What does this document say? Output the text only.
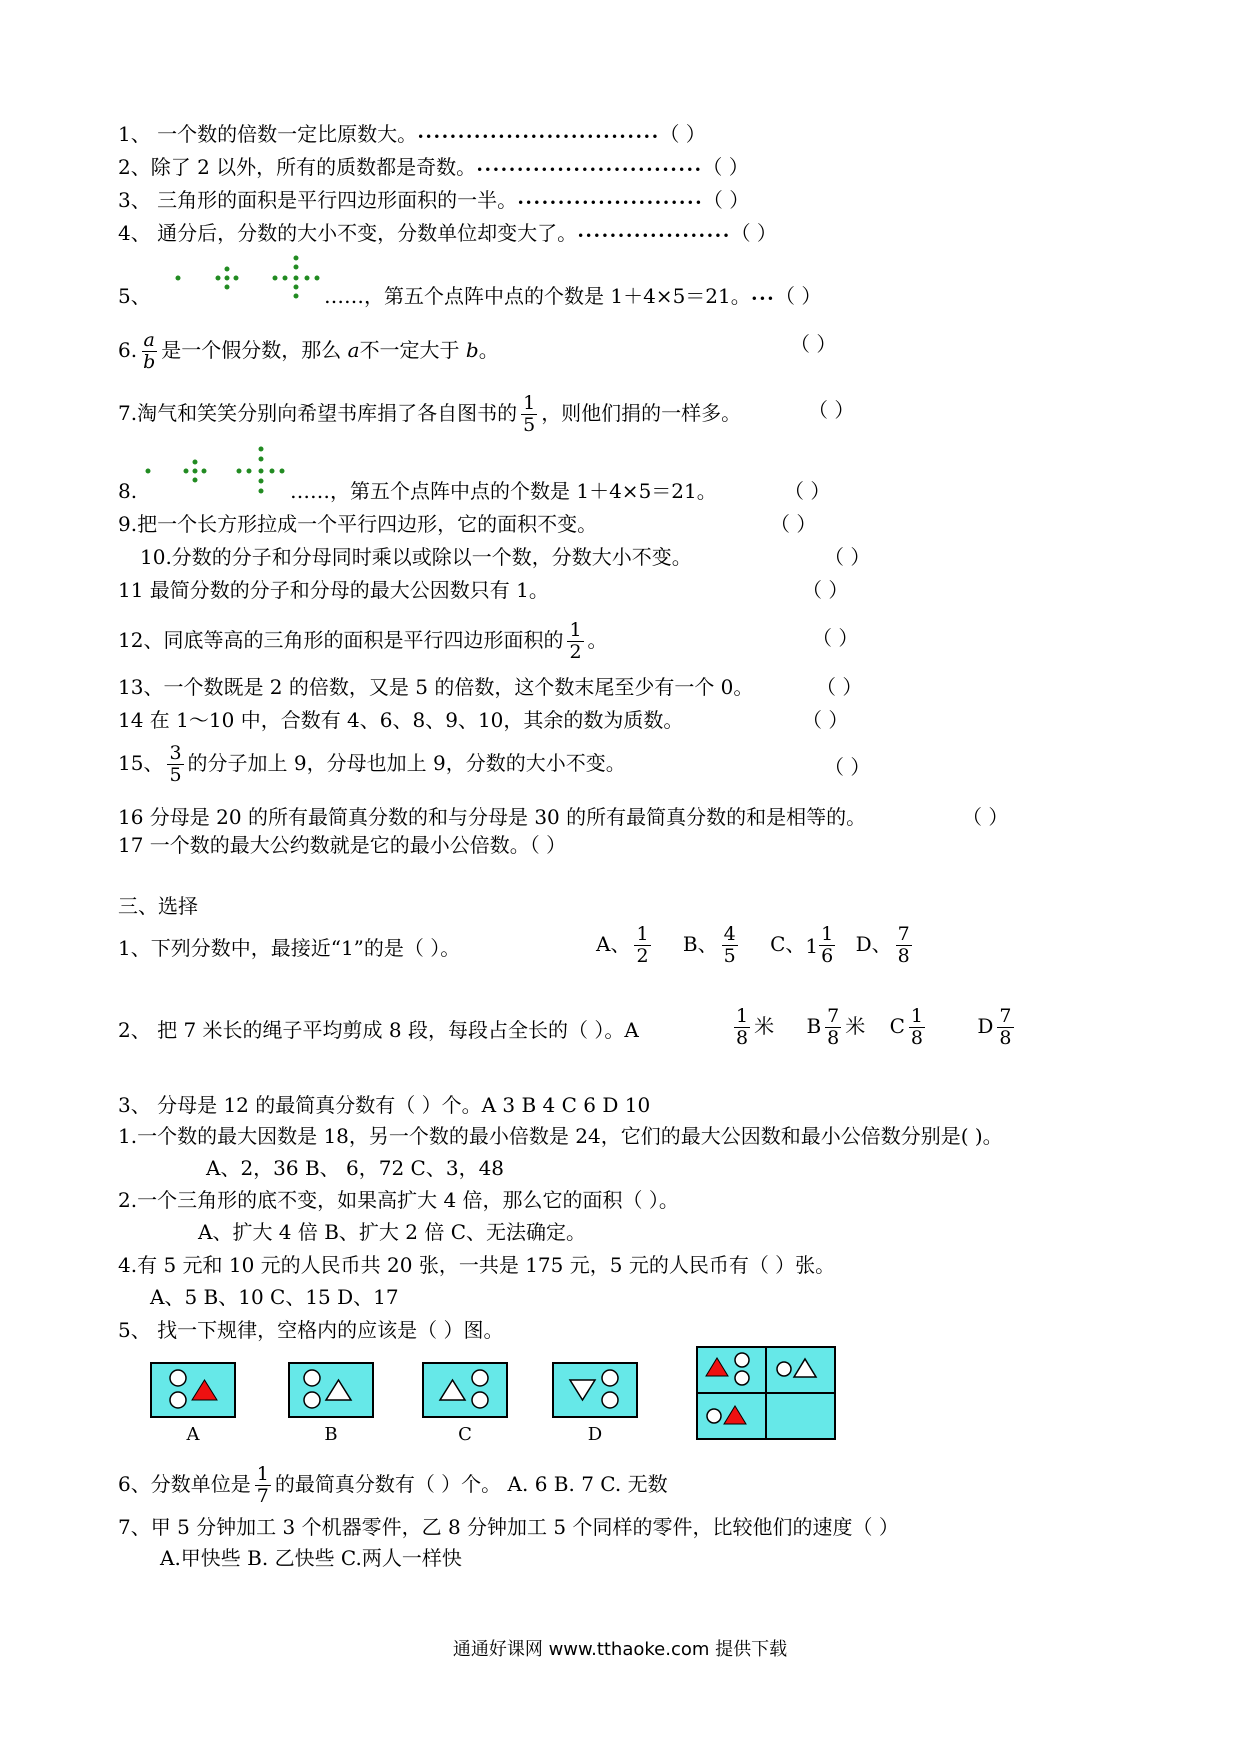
1、 一个数的倍数一定比原数大。••••••••••••••••••••••••••••••（ ）
2、除了 2 以外，所有的质数都是奇数。••••••••••••••••••••••••••••（ ）
3、 三角形的面积是平行四边形面积的一半。•••••••••••••••••••••••（ ）
4、 通分后，分数的大小不变，分数单位却变大了。•••••••••••••••••••（ ）
5、	……，第五个点阵中点的个数是 1＋4×5＝21。•••（ ）
6. $\frac{a}{b}$ 是一个假分数，那么 a不一定大于 b。	（ ）
7.淘气和笑笑分别向希望书库捐了各自图书的 $\frac{1}{5}$ ，则他们捐的一样多。	（ ）
8.	……，第五个点阵中点的个数是 1＋4×5＝21。	（ ）
9.把一个长方形拉成一个平行四边形，它的面积不变。	（ ）
10.分数的分子和分母同时乘以或除以一个数，分数大小不变。	（ ）
11 最简分数的分子和分母的最大公因数只有 1。	（ ）
12、同底等高的三角形的面积是平行四边形面积的 $\frac{1}{2}$ 。	（ ）
13、一个数既是 2 的倍数，又是 5 的倍数，这个数末尾至少有一个 0。	（ ）
14 在 1～10 中，合数有 4、6、8、9、10，其余的数为质数。	（ ）
15、 $\frac{3}{5}$ 的分子加上 9，分母也加上 9，分数的大小不变。	（ ）
16 分母是 20 的所有最简真分数的和与分母是 30 的所有最简真分数的和是相等的。	（ ）
17 一个数的最大公约数就是它的最小公倍数。（ ）
三、选择
1、下列分数中，最接近“1”的是（ ）。	A、 $\frac{1}{2}$ B、 $\frac{4}{5}$ C、 $1 \frac{1}{6}$ D、 $\frac{7}{8}$
2、 把 7 米长的绳子平均剪成 8 段，每段占全长的（ ）。A	$\frac{1}{8}$ 米 B $\frac{7}{8}$ 米 C $\frac{1}{8}$	D $\frac{7}{8}$
3、 分母是 12 的最简真分数有（ ）个。A 3 B 4 C 6 D 10
1.一个数的最大因数是 18，另一个数的最小倍数是 24，它们的最大公因数和最小公倍数分别是( )。
A、2，36 B、 6，72 C、3，48
2.一个三角形的底不变，如果高扩大 4 倍，那么它的面积（ ）。
A、扩大 4 倍 B、扩大 2 倍 C、无法确定。
4.有 5 元和 10 元的人民币共 20 张，一共是 175 元，5 元的人民币有（ ）张。
A、5 B、10 C、15 D、17
5、 找一下规律，空格内的应该是（ ）图。
A	B	C	D
6、分数单位是 $\frac{1}{7}$ 的最简真分数有（ ）个。 A. 6 B. 7 C. 无数
7、甲 5 分钟加工 3 个机器零件，乙 8 分钟加工 5 个同样的零件，比较他们的速度（ ）
A.甲快些 B. 乙快些 C.两人一样快
通通好课网 www.tthaoke.com 提供下载
